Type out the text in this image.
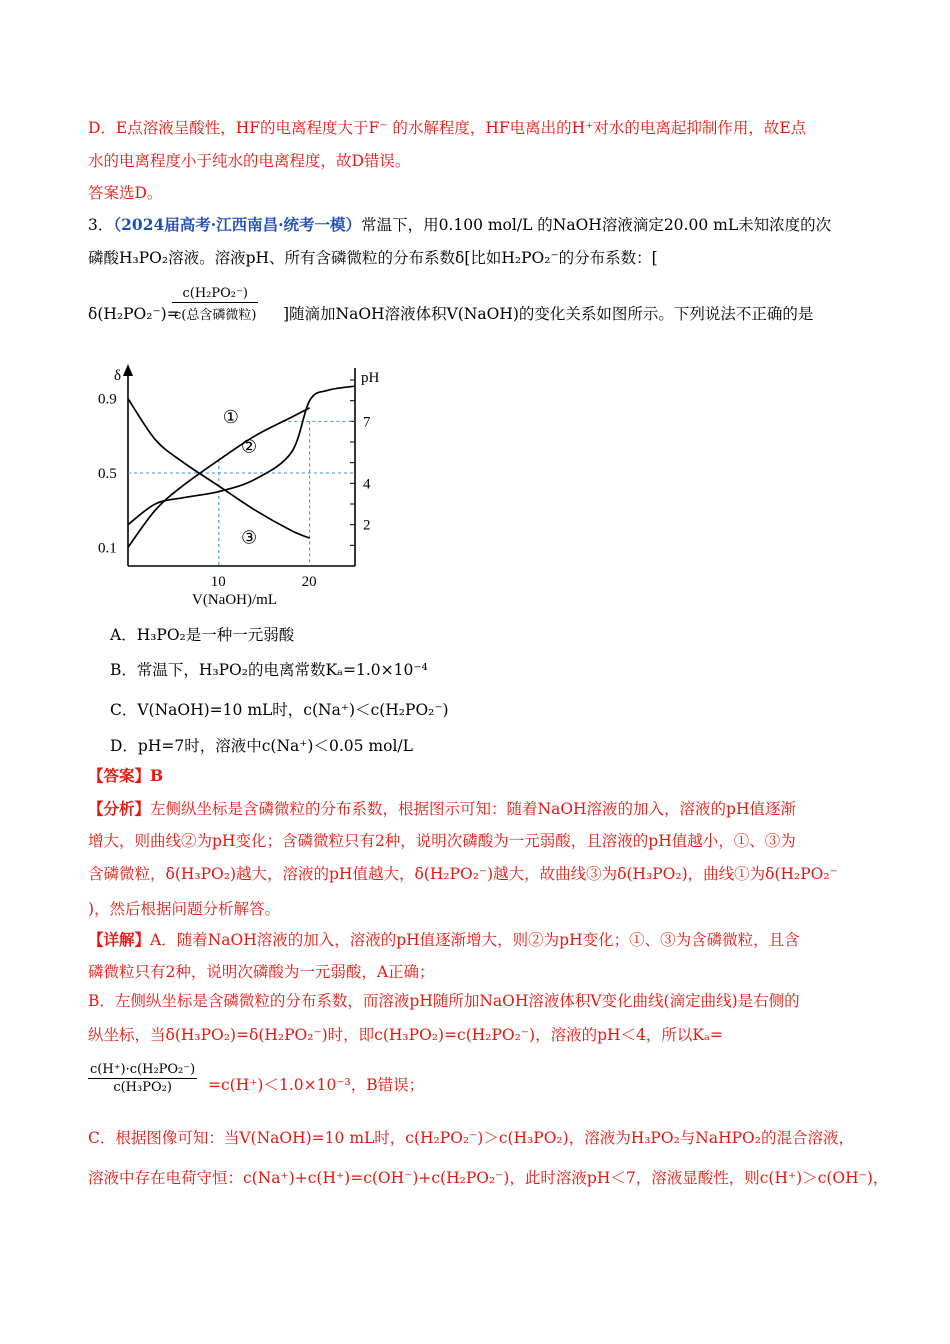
D．E点溶液呈酸性，HF的电离程度大于F⁻ 的水解程度，HF电离出的H⁺对水的电离起抑制作用，故E点
水的电离程度小于纯水的电离程度，故D错误。
答案选D。
3．（2024届高考·江西南昌·统考一模）常温下，用0.100 mol/L 的NaOH溶液滴定20.00 mL未知浓度的次
磷酸H₃PO₂溶液。溶液pH、所有含磷微粒的分布系数δ[比如H₂PO₂⁻的分布系数：[
δ(H₂PO₂⁻)=
c(H₂PO₂⁻)
c(总含磷微粒) ]随滴加NaOH溶液体积V(NaOH)的变化关系如图所示。下列说法不正确的是
δ	pH
V(NaOH)/mL
0.9
0.5
0.1
7
4
2
10	20
①
②
③
A．H₃PO₂是一种一元弱酸
B．常温下，H₃PO₂的电离常数Kₐ=1.0×10⁻⁴
C．V(NaOH)=10 mL时，c(Na⁺)＜c(H₂PO₂⁻)
D．pH=7时，溶液中c(Na⁺)＜0.05 mol/L
【答案】B
【分析】左侧纵坐标是含磷微粒的分布系数，根据图示可知：随着NaOH溶液的加入，溶液的pH值逐渐
增大，则曲线②为pH变化；含磷微粒只有2种，说明次磷酸为一元弱酸，且溶液的pH值越小，①、③为
含磷微粒，δ(H₃PO₂)越大，溶液的pH值越大，δ(H₂PO₂⁻)越大，故曲线③为δ(H₃PO₂)，曲线①为δ(H₂PO₂⁻
)，然后根据问题分析解答。
【详解】A．随着NaOH溶液的加入，溶液的pH值逐渐增大，则②为pH变化；①、③为含磷微粒，且含
磷微粒只有2种，说明次磷酸为一元弱酸，A正确；
B．左侧纵坐标是含磷微粒的分布系数，而溶液pH随所加NaOH溶液体积V变化曲线(滴定曲线)是右侧的
纵坐标，当δ(H₃PO₂)=δ(H₂PO₂⁻)时，即c(H₃PO₂)=c(H₂PO₂⁻)，溶液的pH＜4，所以Kₐ=
c(H⁺)·c(H₂PO₂⁻)
c(H₃PO₂)	=c(H⁺)＜1.0×10⁻³，B错误；
C．根据图像可知：当V(NaOH)=10 mL时，c(H₂PO₂⁻)＞c(H₃PO₂)，溶液为H₃PO₂与NaHPO₂的混合溶液，
溶液中存在电荷守恒：c(Na⁺)+c(H⁺)=c(OH⁻)+c(H₂PO₂⁻)，此时溶液pH＜7，溶液显酸性，则c(H⁺)＞c(OH⁻)，
